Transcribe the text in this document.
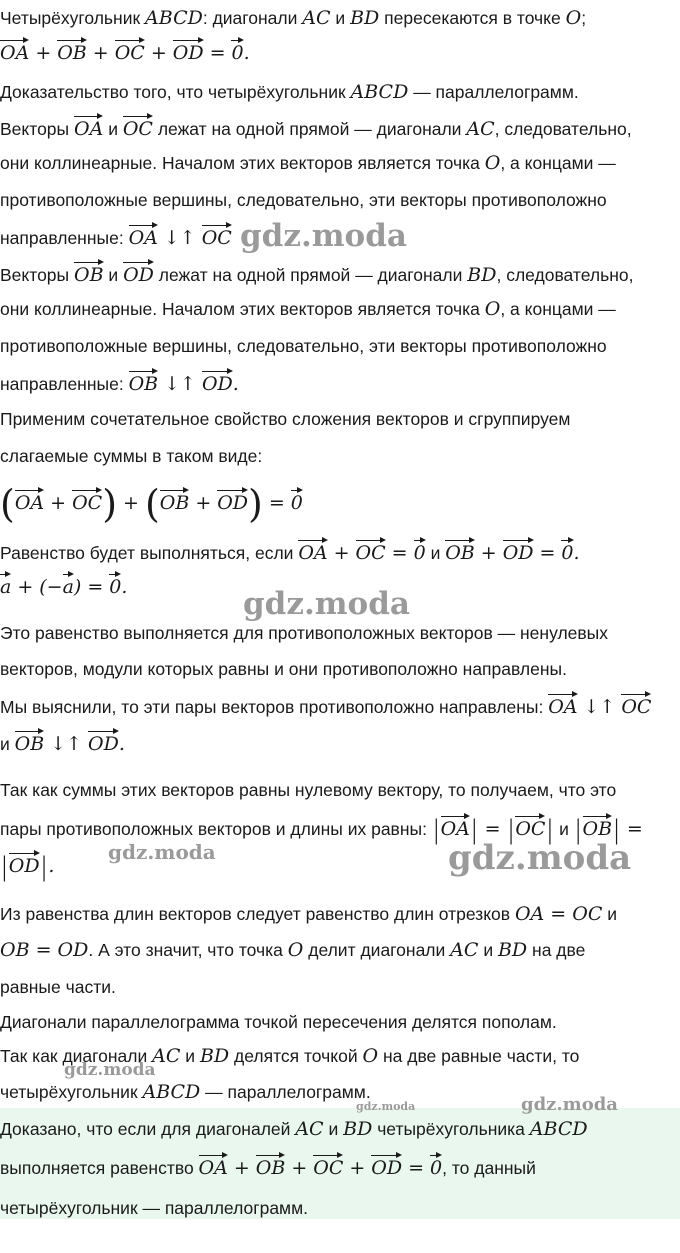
Четырёхугольник ABCD: диагонали AC и BD пересекаются в точке O;
OA + OB + OC + OD = 0.
Доказательство того, что четырёхугольник ABCD — параллелограмм.
Векторы OA и OC лежат на одной прямой — диагонали AC, следовательно,
они коллинеарные. Началом этих векторов является точка O, а концами —
противоположные вершины, следовательно, эти векторы противоположно
направленные: OA ↓↑ OC
Векторы OB и OD лежат на одной прямой — диагонали BD, следовательно,
они коллинеарные. Началом этих векторов является точка O, а концами —
противоположные вершины, следовательно, эти векторы противоположно
направленные: OB ↓↑ OD.
Применим сочетательное свойство сложения векторов и сгруппируем
слагаемые суммы в таком виде:
(OA + OC) + (OB + OD) = 0
Равенство будет выполняться, если OA + OC = 0 и OB + OD = 0.
a + (−a) = 0.
Это равенство выполняется для противоположных векторов — ненулевых
векторов, модули которых равны и они противоположно направлены.
Мы выяснили, то эти пары векторов противоположно направлены: OA ↓↑ OC
и OB ↓↑ OD.
Так как суммы этих векторов равны нулевому вектору, то получаем, что это
пары противоположных векторов и длины их равны: |OA| = |OC| и |OB| =
|OD|.
Из равенства длин векторов следует равенство длин отрезков OA = OC и
OB = OD. А это значит, что точка O делит диагонали AC и BD на две
равные части.
Диагонали параллелограмма точкой пересечения делятся пополам.
Так как диагонали AC и BD делятся точкой O на две равные части, то
четырёхугольник ABCD — параллелограмм.
Доказано, что если для диагоналей AC и BD четырёхугольника ABCD
выполняется равенство OA + OB + OC + OD = 0, то данный
четырёхугольник — параллелограмм.
gdz.moda
gdz.moda
gdz.moda	gdz.moda
gdz.moda
gdz.moda	gdz.moda
